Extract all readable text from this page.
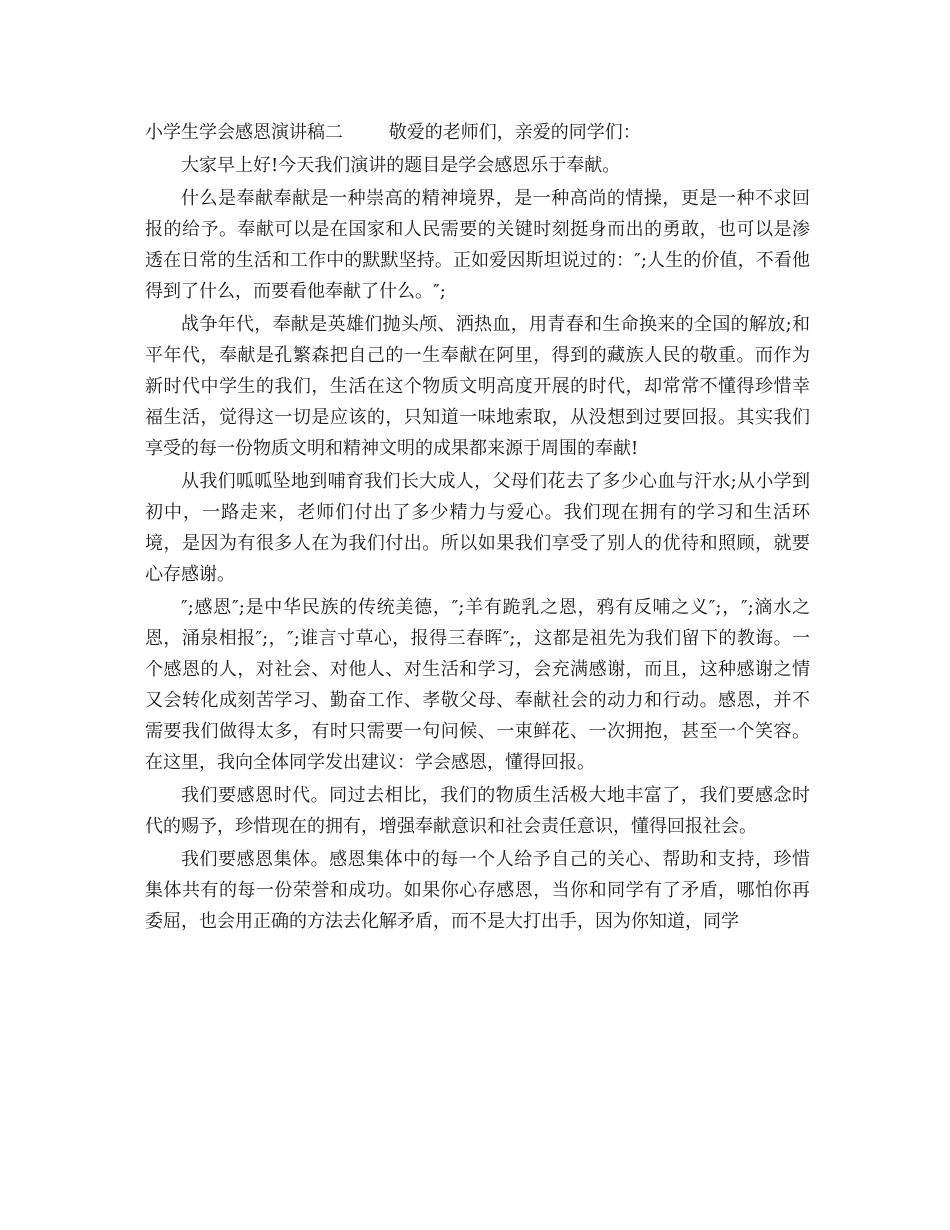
小学生学会感恩演讲稿二        敬爱的老师们，亲爱的同学们：

大家早上好!今天我们演讲的题目是学会感恩乐于奉献。

什么是奉献奉献是一种崇高的精神境界，是一种高尚的情操，更是一种不求回报的给予。奉献可以是在国家和人民需要的关键时刻挺身而出的勇敢，也可以是渗透在日常的生活和工作中的默默坚持。正如爱因斯坦说过的：″;人生的价值，不看他得到了什么，而要看他奉献了什么。″;

战争年代，奉献是英雄们抛头颅、洒热血，用青春和生命换来的全国的解放;和平年代，奉献是孔繁森把自己的一生奉献在阿里，得到的藏族人民的敬重。而作为新时代中学生的我们，生活在这个物质文明高度开展的时代，却常常不懂得珍惜幸福生活，觉得这一切是应该的，只知道一味地索取，从没想到过要回报。其实我们享受的每一份物质文明和精神文明的成果都来源于周围的奉献!

从我们呱呱坠地到哺育我们长大成人，父母们花去了多少心血与汗水;从小学到初中，一路走来，老师们付出了多少精力与爱心。我们现在拥有的学习和生活环境，是因为有很多人在为我们付出。所以如果我们享受了别人的优待和照顾，就要心存感谢。

″;感恩″;是中华民族的传统美德，″;羊有跪乳之恩，鸦有反哺之义″;，″;滴水之恩，涌泉相报″;，″;谁言寸草心，报得三春晖″;，这都是祖先为我们留下的教诲。一个感恩的人，对社会、对他人、对生活和学习，会充满感谢，而且，这种感谢之情又会转化成刻苦学习、勤奋工作、孝敬父母、奉献社会的动力和行动。感恩，并不需要我们做得太多，有时只需要一句问候、一束鲜花、一次拥抱，甚至一个笑容。在这里，我向全体同学发出建议：学会感恩，懂得回报。

我们要感恩时代。同过去相比，我们的物质生活极大地丰富了，我们要感念时代的赐予，珍惜现在的拥有，增强奉献意识和社会责任意识，懂得回报社会。

我们要感恩集体。感恩集体中的每一个人给予自己的关心、帮助和支持，珍惜集体共有的每一份荣誉和成功。如果你心存感恩，当你和同学有了矛盾，哪怕你再委屈，也会用正确的方法去化解矛盾，而不是大打出手，因为你知道，同学
